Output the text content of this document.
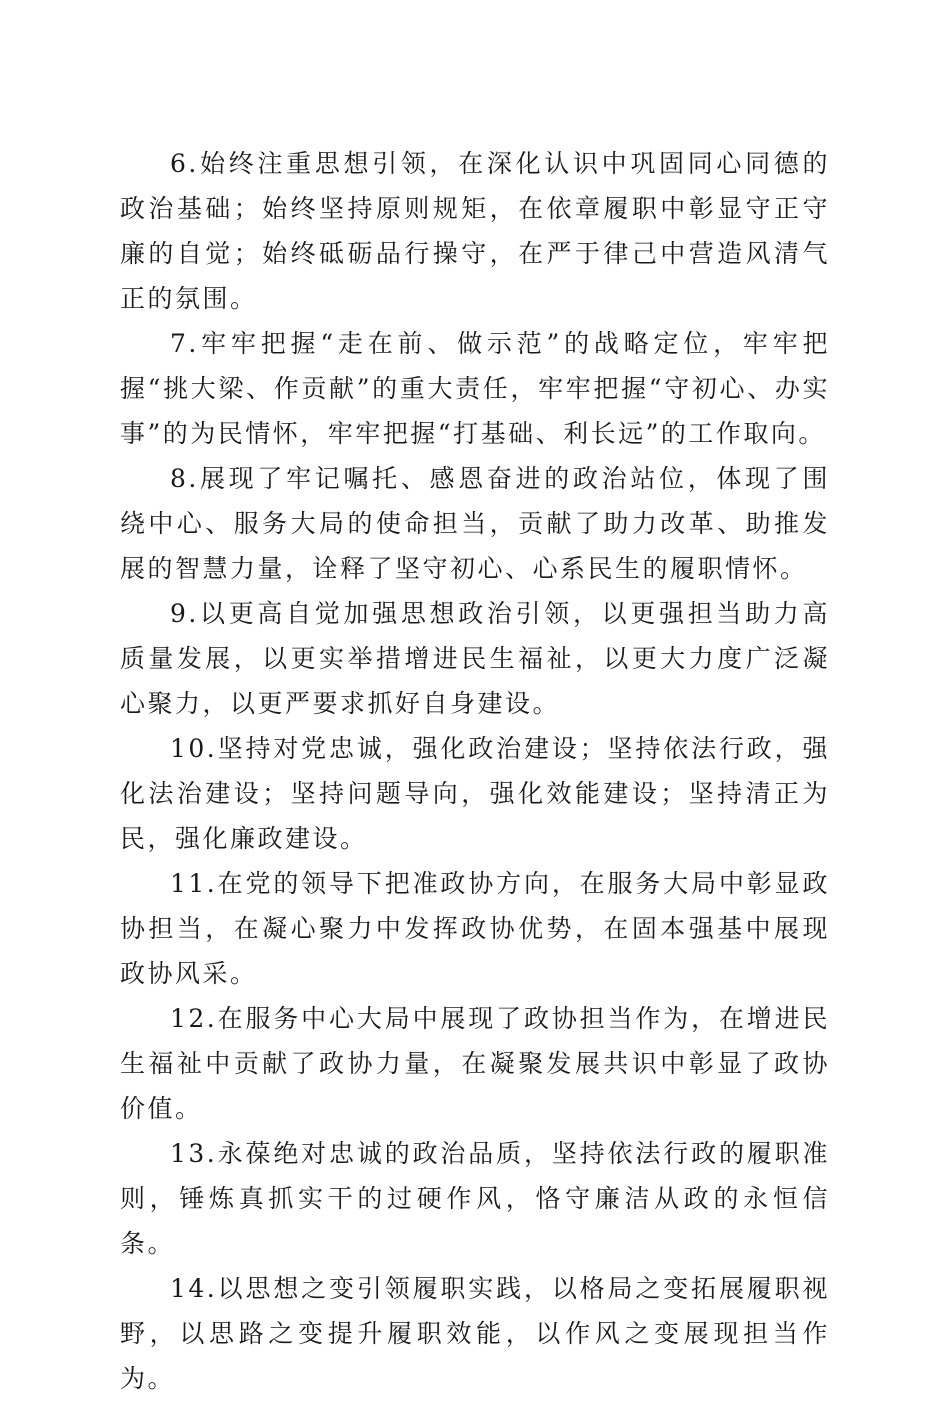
6.始终注重思想引领，在深化认识中巩固同心同德的政治基础；始终坚持原则规矩，在依章履职中彰显守正守廉的自觉；始终砥砺品行操守，在严于律己中营造风清气正的氛围。

7.牢牢把握“走在前、做示范”的战略定位，牢牢把握“挑大梁、作贡献”的重大责任，牢牢把握“守初心、办实事”的为民情怀，牢牢把握“打基础、利长远”的工作取向。

8.展现了牢记嘱托、感恩奋进的政治站位，体现了围绕中心、服务大局的使命担当，贡献了助力改革、助推发展的智慧力量，诠释了坚守初心、心系民生的履职情怀。

9.以更高自觉加强思想政治引领，以更强担当助力高质量发展，以更实举措增进民生福祉，以更大力度广泛凝心聚力，以更严要求抓好自身建设。

10.坚持对党忠诚，强化政治建设；坚持依法行政，强化法治建设；坚持问题导向，强化效能建设；坚持清正为民，强化廉政建设。

11.在党的领导下把准政协方向，在服务大局中彰显政协担当，在凝心聚力中发挥政协优势，在固本强基中展现政协风采。

12.在服务中心大局中展现了政协担当作为，在增进民生福祉中贡献了政协力量，在凝聚发展共识中彰显了政协价值。

13.永葆绝对忠诚的政治品质，坚持依法行政的履职准则，锤炼真抓实干的过硬作风，恪守廉洁从政的永恒信条。

14.以思想之变引领履职实践，以格局之变拓展履职视野，以思路之变提升履职效能，以作风之变展现担当作为。
